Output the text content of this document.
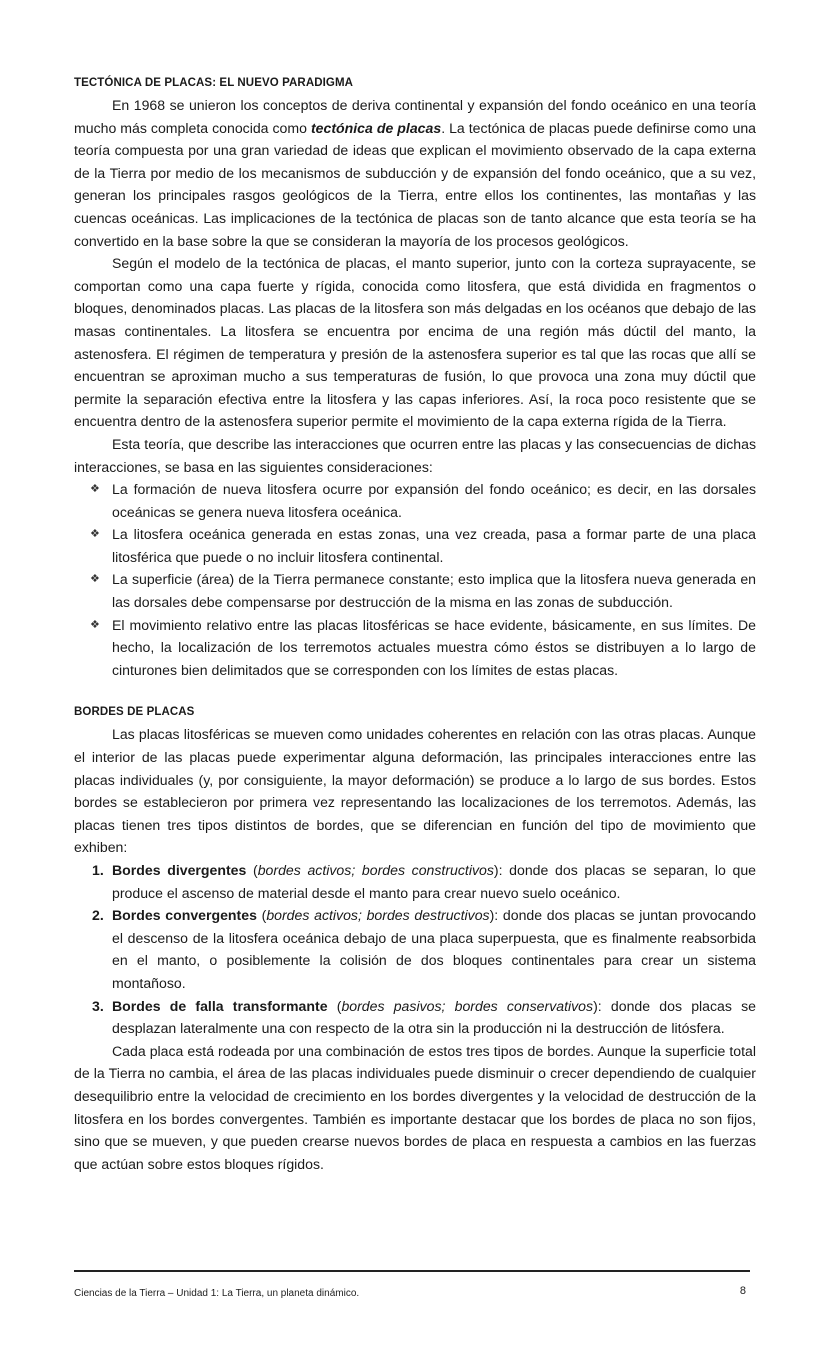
TECTÓNICA DE PLACAS: EL NUEVO PARADIGMA

En 1968 se unieron los conceptos de deriva continental y expansión del fondo oceánico en una teoría mucho más completa conocida como tectónica de placas. La tectónica de placas puede definirse como una teoría compuesta por una gran variedad de ideas que explican el movimiento observado de la capa externa de la Tierra por medio de los mecanismos de subducción y de expansión del fondo oceánico, que a su vez, generan los principales rasgos geológicos de la Tierra, entre ellos los continentes, las montañas y las cuencas oceánicas. Las implicaciones de la tectónica de placas son de tanto alcance que esta teoría se ha convertido en la base sobre la que se consideran la mayoría de los procesos geológicos.

Según el modelo de la tectónica de placas, el manto superior, junto con la corteza suprayacente, se comportan como una capa fuerte y rígida, conocida como litosfera, que está dividida en fragmentos o bloques, denominados placas. Las placas de la litosfera son más delgadas en los océanos que debajo de las masas continentales. La litosfera se encuentra por encima de una región más dúctil del manto, la astenosfera. El régimen de temperatura y presión de la astenosfera superior es tal que las rocas que allí se encuentran se aproximan mucho a sus temperaturas de fusión, lo que provoca una zona muy dúctil que permite la separación efectiva entre la litosfera y las capas inferiores. Así, la roca poco resistente que se encuentra dentro de la astenosfera superior permite el movimiento de la capa externa rígida de la Tierra.

Esta teoría, que describe las interacciones que ocurren entre las placas y las consecuencias de dichas interacciones, se basa en las siguientes consideraciones:

❖ La formación de nueva litosfera ocurre por expansión del fondo oceánico; es decir, en las dorsales oceánicas se genera nueva litosfera oceánica.
❖ La litosfera oceánica generada en estas zonas, una vez creada, pasa a formar parte de una placa litosférica que puede o no incluir litosfera continental.
❖ La superficie (área) de la Tierra permanece constante; esto implica que la litosfera nueva generada en las dorsales debe compensarse por destrucción de la misma en las zonas de subducción.
❖ El movimiento relativo entre las placas litosféricas se hace evidente, básicamente, en sus límites. De hecho, la localización de los terremotos actuales muestra cómo éstos se distribuyen a lo largo de cinturones bien delimitados que se corresponden con los límites de estas placas.
BORDES DE PLACAS

Las placas litosféricas se mueven como unidades coherentes en relación con las otras placas. Aunque el interior de las placas puede experimentar alguna deformación, las principales interacciones entre las placas individuales (y, por consiguiente, la mayor deformación) se produce a lo largo de sus bordes. Estos bordes se establecieron por primera vez representando las localizaciones de los terremotos. Además, las placas tienen tres tipos distintos de bordes, que se diferencian en función del tipo de movimiento que exhiben:

1. Bordes divergentes (bordes activos; bordes constructivos): donde dos placas se separan, lo que produce el ascenso de material desde el manto para crear nuevo suelo oceánico.
2. Bordes convergentes (bordes activos; bordes destructivos): donde dos placas se juntan provocando el descenso de la litosfera oceánica debajo de una placa superpuesta, que es finalmente reabsorbida en el manto, o posiblemente la colisión de dos bloques continentales para crear un sistema montañoso.
3. Bordes de falla transformante (bordes pasivos; bordes conservativos): donde dos placas se desplazan lateralmente una con respecto de la otra sin la producción ni la destrucción de litósfera.

Cada placa está rodeada por una combinación de estos tres tipos de bordes. Aunque la superficie total de la Tierra no cambia, el área de las placas individuales puede disminuir o crecer dependiendo de cualquier desequilibrio entre la velocidad de crecimiento en los bordes divergentes y la velocidad de destrucción de la litosfera en los bordes convergentes. También es importante destacar que los bordes de placa no son fijos, sino que se mueven, y que pueden crearse nuevos bordes de placa en respuesta a cambios en las fuerzas que actúan sobre estos bloques rígidos.

Ciencias de la Tierra – Unidad 1: La Tierra, un planeta dinámico.	8
